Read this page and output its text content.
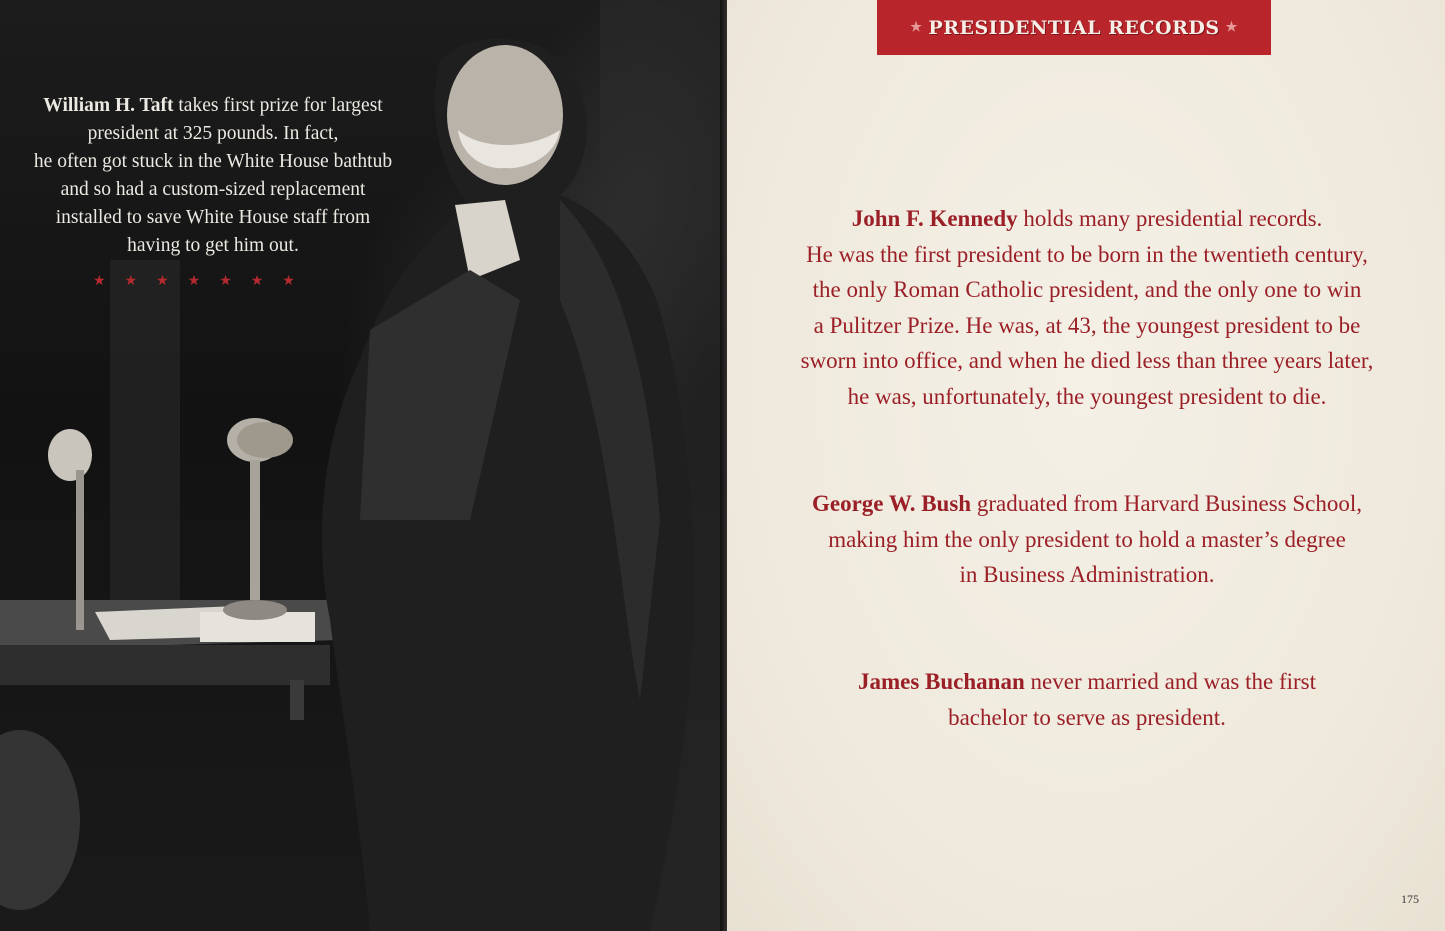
William H. Taft takes first prize for largest
president at 325 pounds. In fact,
he often got stuck in the White House bathtub
and so had a custom-sized replacement
installed to save White House staff from
having to get him out.
★★★★★★★
★ PRESIDENTIAL RECORDS ★
John F. Kennedy holds many presidential records.
He was the first president to be born in the twentieth century,
the only Roman Catholic president, and the only one to win
a Pulitzer Prize. He was, at 43, the youngest president to be
sworn into office, and when he died less than three years later,
he was, unfortunately, the youngest president to die.
George W. Bush graduated from Harvard Business School,
making him the only president to hold a master’s degree
in Business Administration.
James Buchanan never married and was the first
bachelor to serve as president.
175
